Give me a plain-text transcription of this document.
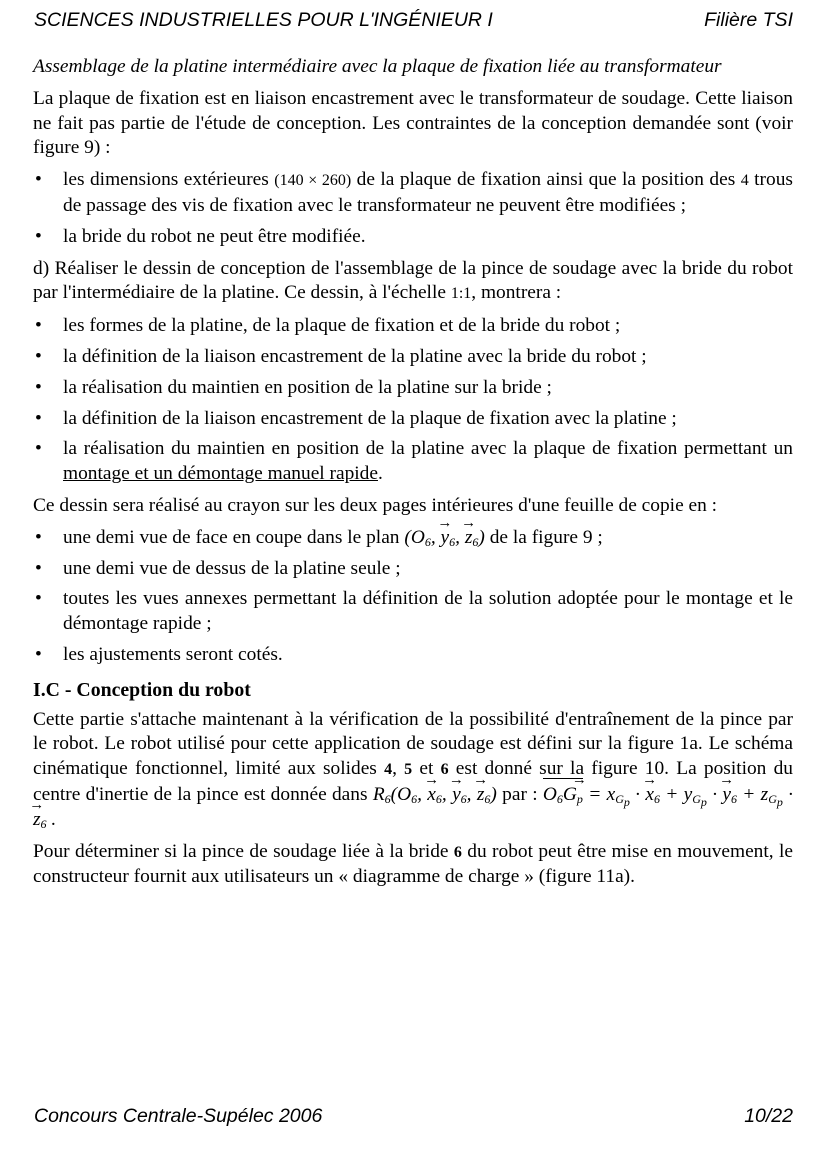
SCIENCES INDUSTRIELLES POUR L'INGÉNIEUR I	Filière TSI

Assemblage de la platine intermédiaire avec la plaque de fixation liée au transformateur

La plaque de fixation est en liaison encastrement avec le transformateur de soudage. Cette liaison ne fait pas partie de l'étude de conception. Les contraintes de la conception demandée sont (voir figure 9) :

• les dimensions extérieures (140 × 260) de la plaque de fixation ainsi que la position des 4 trous de passage des vis de fixation avec le transformateur ne peuvent être modifiées ;
• la bride du robot ne peut être modifiée.

d) Réaliser le dessin de conception de l'assemblage de la pince de soudage avec la bride du robot par l'intermédiaire de la platine. Ce dessin, à l'échelle 1:1, montrera :

• les formes de la platine, de la plaque de fixation et de la bride du robot ;
• la définition de la liaison encastrement de la platine avec la bride du robot ;
• la réalisation du maintien en position de la platine sur la bride ;
• la définition de la liaison encastrement de la plaque de fixation avec la platine ;
• la réalisation du maintien en position de la platine avec la plaque de fixation permettant un montage et un démontage manuel rapide.

Ce dessin sera réalisé au crayon sur les deux pages intérieures d'une feuille de copie en :

• une demi vue de face en coupe dans le plan ($O_6$, → $y_6$, → $z_6$) de la figure 9 ;
• une demi vue de dessus de la platine seule ;
• toutes les vues annexes permettant la définition de la solution adoptée pour le montage et le démontage rapide ;
• les ajustements seront cotés.
I.C - Conception du robot

Cette partie s'attache maintenant à la vérification de la possibilité d'entraînement de la pince par le robot. Le robot utilisé pour cette application de soudage est défini sur la figure 1a. Le schéma cinématique fonctionnel, limité aux solides 4, 5 et 6 est donné sur la figure 10. La position du centre d'inertie de la pince est donnée dans $R_6(O_6$, → $x_6$, → $y_6$, → $z_6$) par : $O_6G_p$ → = $x_{G_p}$ · → $x_6 + y_{G_p}$ · → $y_6 + z_{G_p}$ · → $z_6$ .

Pour déterminer si la pince de soudage liée à la bride 6 du robot peut être mise en mouvement, le constructeur fournit aux utilisateurs un « diagramme de charge » (figure 11a).

Concours Centrale-Supélec 2006	10/22
